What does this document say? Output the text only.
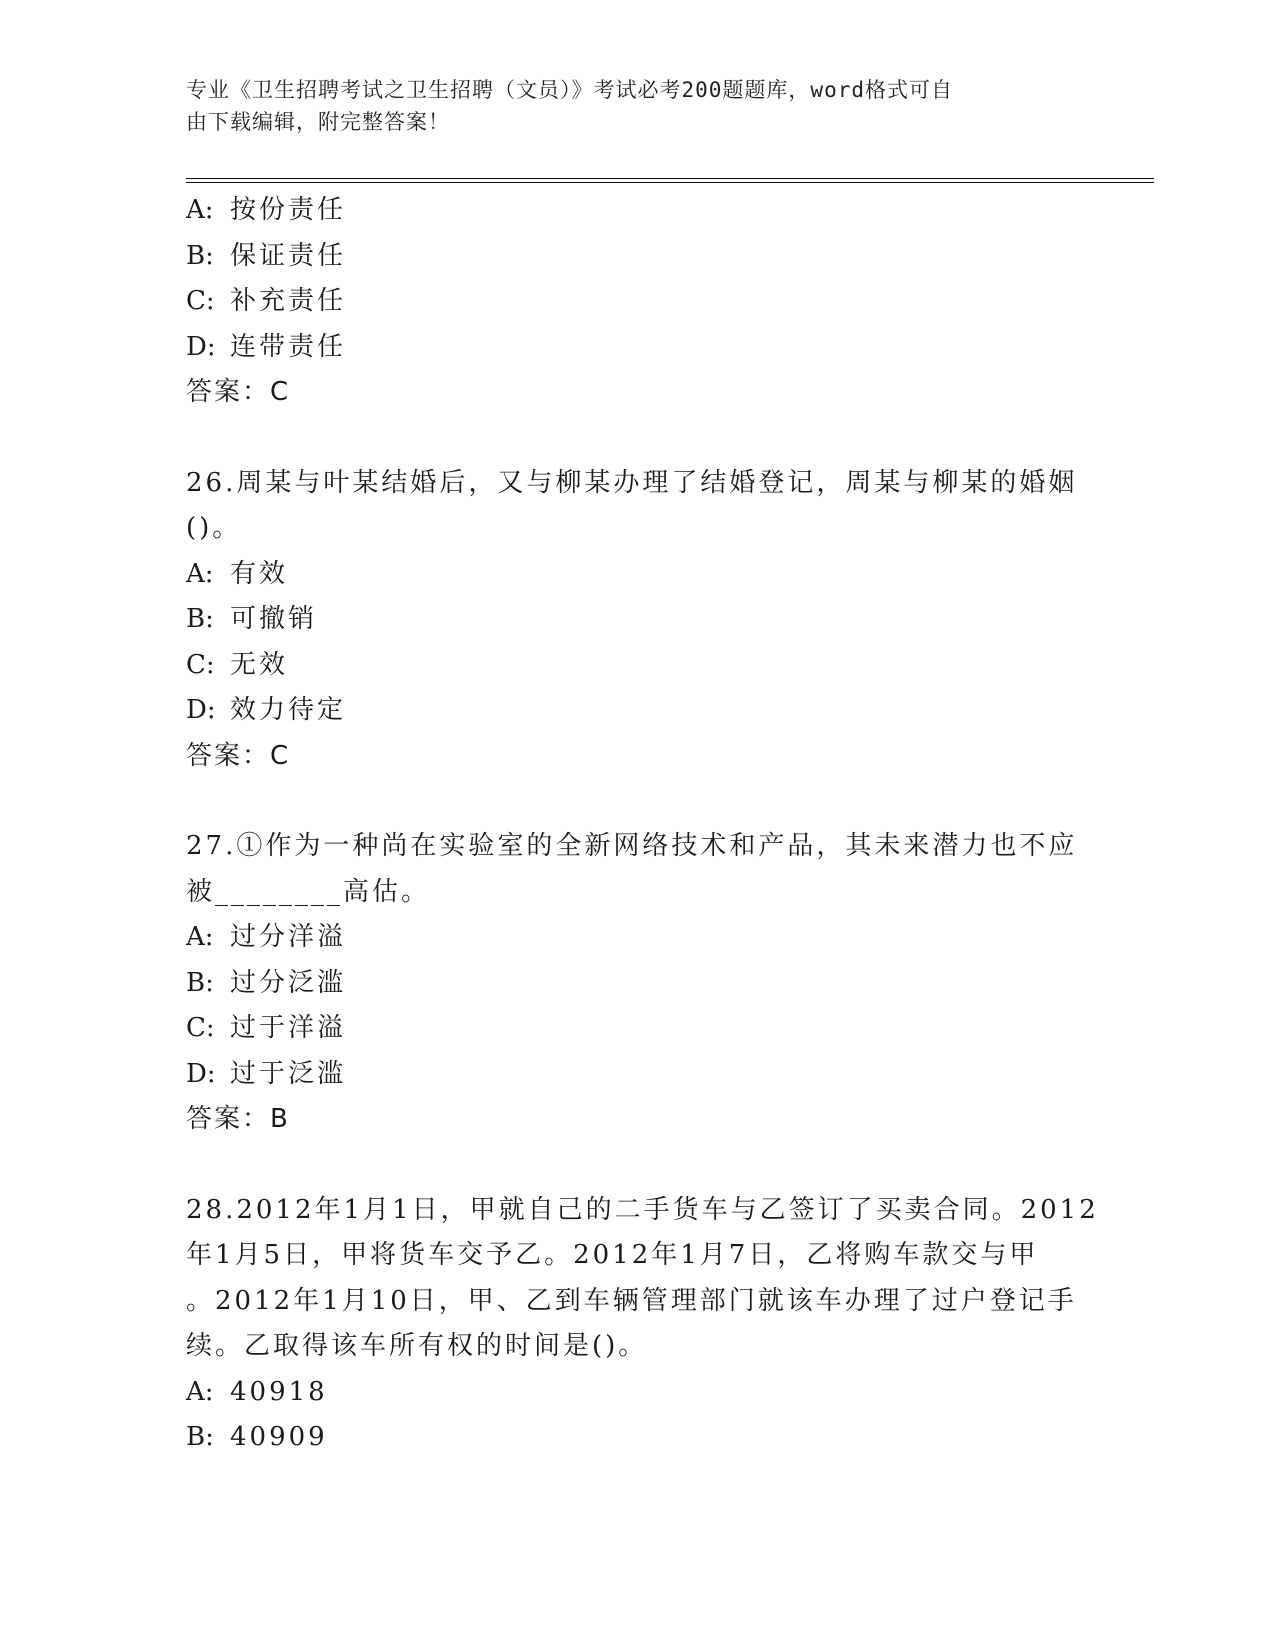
专业《卫生招聘考试之卫生招聘（文员）》考试必考200题题库，word格式可自
由下载编辑，附完整答案！
A: 按份责任
B: 保证责任
C: 补充责任
D: 连带责任
答案：C
26.周某与叶某结婚后，又与柳某办理了结婚登记，周某与柳某的婚姻
()。
A: 有效
B: 可撤销
C: 无效
D: 效力待定
答案：C
27.①作为一种尚在实验室的全新网络技术和产品，其未来潜力也不应
被________高估。
A: 过分洋溢
B: 过分泛滥
C: 过于洋溢
D: 过于泛滥
答案：B
28.2012年1月1日，甲就自己的二手货车与乙签订了买卖合同。2012
年1月5日，甲将货车交予乙。2012年1月7日，乙将购车款交与甲
。2012年1月10日，甲、乙到车辆管理部门就该车办理了过户登记手
续。乙取得该车所有权的时间是()。
A: 40918
B: 40909
